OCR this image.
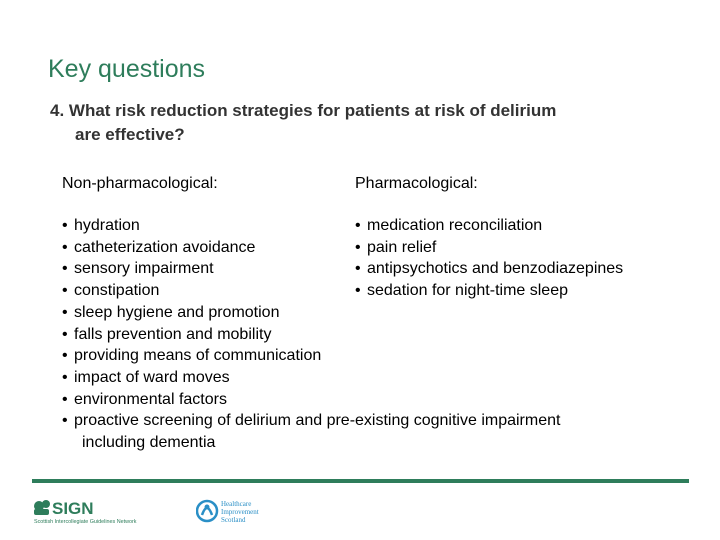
Key questions
4. What risk reduction strategies for patients at risk of delirium
are effective?
Non-pharmacological:	Pharmacological:
• hydration
• catheterization avoidance
• sensory impairment
• constipation
• sleep hygiene and promotion
• falls prevention and mobility
• providing means of communication
• impact of ward moves
• environmental factors
• proactive screening of delirium and pre-existing cognitive impairment
including dementia
• medication reconciliation
• pain relief
• antipsychotics and benzodiazepines
• sedation for night-time sleep
SIGN
Scottish Intercollegiate Guidelines Network
Healthcare
Improvement
Scotland
